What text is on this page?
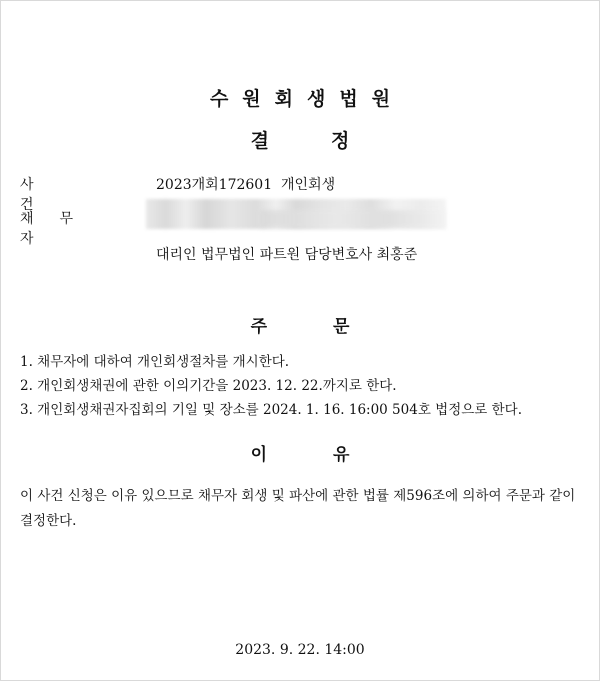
수원회생법원
결정
사건
2023개회172601  개인회생
채무자
대리인 법무법인 파트원 담당변호사 최홍준
주문
1. 채무자에 대하여 개인회생절차를 개시한다.
2. 개인회생채권에 관한 이의기간을 2023. 12. 22.까지로 한다.
3. 개인회생채권자집회의 기일 및 장소를 2024. 1. 16. 16:00 504호 법정으로 한다.
이유
이 사건 신청은 이유 있으므로 채무자 회생 및 파산에 관한 법률 제596조에 의하여 주문과 같이 결정한다.
2023. 9. 22. 14:00
